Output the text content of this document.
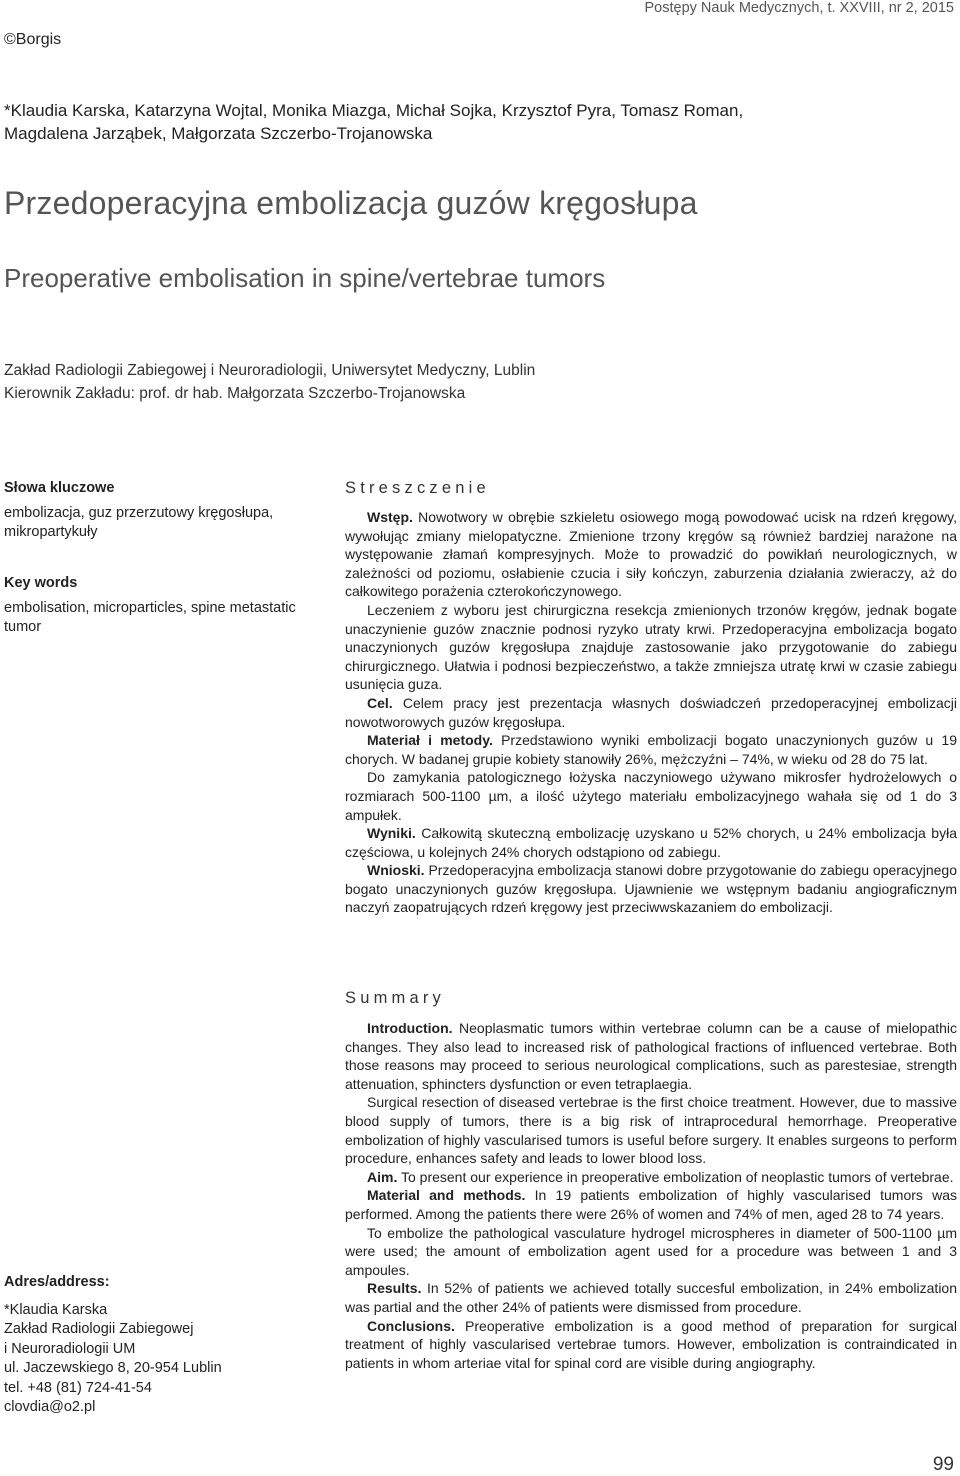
Postępy Nauk Medycznych, t. XXVIII, nr 2, 2015
©Borgis
*Klaudia Karska, Katarzyna Wojtal, Monika Miazga, Michał Sojka, Krzysztof Pyra, Tomasz Roman,
Magdalena Jarząbek, Małgorzata Szczerbo-Trojanowska
Przedoperacyjna embolizacja guzów kręgosłupa
Preoperative embolisation in spine/vertebrae tumors
Zakład Radiologii Zabiegowej i Neuroradiologii, Uniwersytet Medyczny, Lublin
Kierownik Zakładu: prof. dr hab. Małgorzata Szczerbo-Trojanowska
Słowa kluczowe
embolizacja, guz przerzutowy kręgosłupa, mikropartykuły
Key words
embolisation, microparticles, spine metastatic tumor
Streszczenie

Wstęp. Nowotwory w obrębie szkieletu osiowego mogą powodować ucisk na rdzeń kręgowy, wywołując zmiany mielopatyczne. Zmienione trzony kręgów są również bardziej narażone na występowanie złamań kompresyjnych. Może to prowadzić do powikłań neurologicznych, w zależności od poziomu, osłabienie czucia i siły kończyn, zaburzenia działania zwieraczy, aż do całkowitego porażenia czterokończynowego.

Leczeniem z wyboru jest chirurgiczna resekcja zmienionych trzonów kręgów, jednak bogate unaczynienie guzów znacznie podnosi ryzyko utraty krwi. Przedoperacyjna embolizacja bogato unaczynionych guzów kręgosłupa znajduje zastosowanie jako przygotowanie do zabiegu chirurgicznego. Ułatwia i podnosi bezpieczeństwo, a także zmniejsza utratę krwi w czasie zabiegu usunięcia guza.

Cel. Celem pracy jest prezentacja własnych doświadczeń przedoperacyjnej embolizacji nowotworowych guzów kręgosłupa.

Materiał i metody. Przedstawiono wyniki embolizacji bogato unaczynionych guzów u 19 chorych. W badanej grupie kobiety stanowiły 26%, mężczyźni – 74%, w wieku od 28 do 75 lat.

Do zamykania patologicznego łożyska naczyniowego używano mikrosfer hydrożelowych o rozmiarach 500-1100 µm, a ilość użytego materiału embolizacyjnego wahała się od 1 do 3 ampułek.

Wyniki. Całkowitą skuteczną embolizację uzyskano u 52% chorych, u 24% embolizacja była częściowa, u kolejnych 24% chorych odstąpiono od zabiegu.

Wnioski. Przedoperacyjna embolizacja stanowi dobre przygotowanie do zabiegu operacyjnego bogato unaczynionych guzów kręgosłupa. Ujawnienie we wstępnym badaniu angiograficznym naczyń zaopatrujących rdzeń kręgowy jest przeciwwskazaniem do embolizacji.

Summary

Introduction. Neoplasmatic tumors within vertebrae column can be a cause of mielopathic changes. They also lead to increased risk of pathological fractions of influenced vertebrae. Both those reasons may proceed to serious neurological complications, such as parestesiae, strength attenuation, sphincters dysfunction or even tetraplaegia.

Surgical resection of diseased vertebrae is the first choice treatment. However, due to massive blood supply of tumors, there is a big risk of intraprocedural hemorrhage. Preoperative embolization of highly vascularised tumors is useful before surgery. It enables surgeons to perform procedure, enhances safety and leads to lower blood loss.

Aim. To present our experience in preoperative embolization of neoplastic tumors of vertebrae.

Material and methods. In 19 patients embolization of highly vascularised tumors was performed. Among the patients there were 26% of women and 74% of men, aged 28 to 74 years.

To embolize the pathological vasculature hydrogel microspheres in diameter of 500-1100 µm were used; the amount of embolization agent used for a procedure was between 1 and 3 ampoules.

Results. In 52% of patients we achieved totally succesful embolization, in 24% embolization was partial and the other 24% of patients were dismissed from procedure.

Conclusions. Preoperative embolization is a good method of preparation for surgical treatment of highly vascularised vertebrae tumors. However, embolization is contraindicated in patients in whom arteriae vital for spinal cord are visible during angiography.

Adres/address:
*Klaudia Karska
Zakład Radiologii Zabiegowej
i Neuroradiologii UM
ul. Jaczewskiego 8, 20-954 Lublin
tel. +48 (81) 724-41-54
clovdia@o2.pl
99
